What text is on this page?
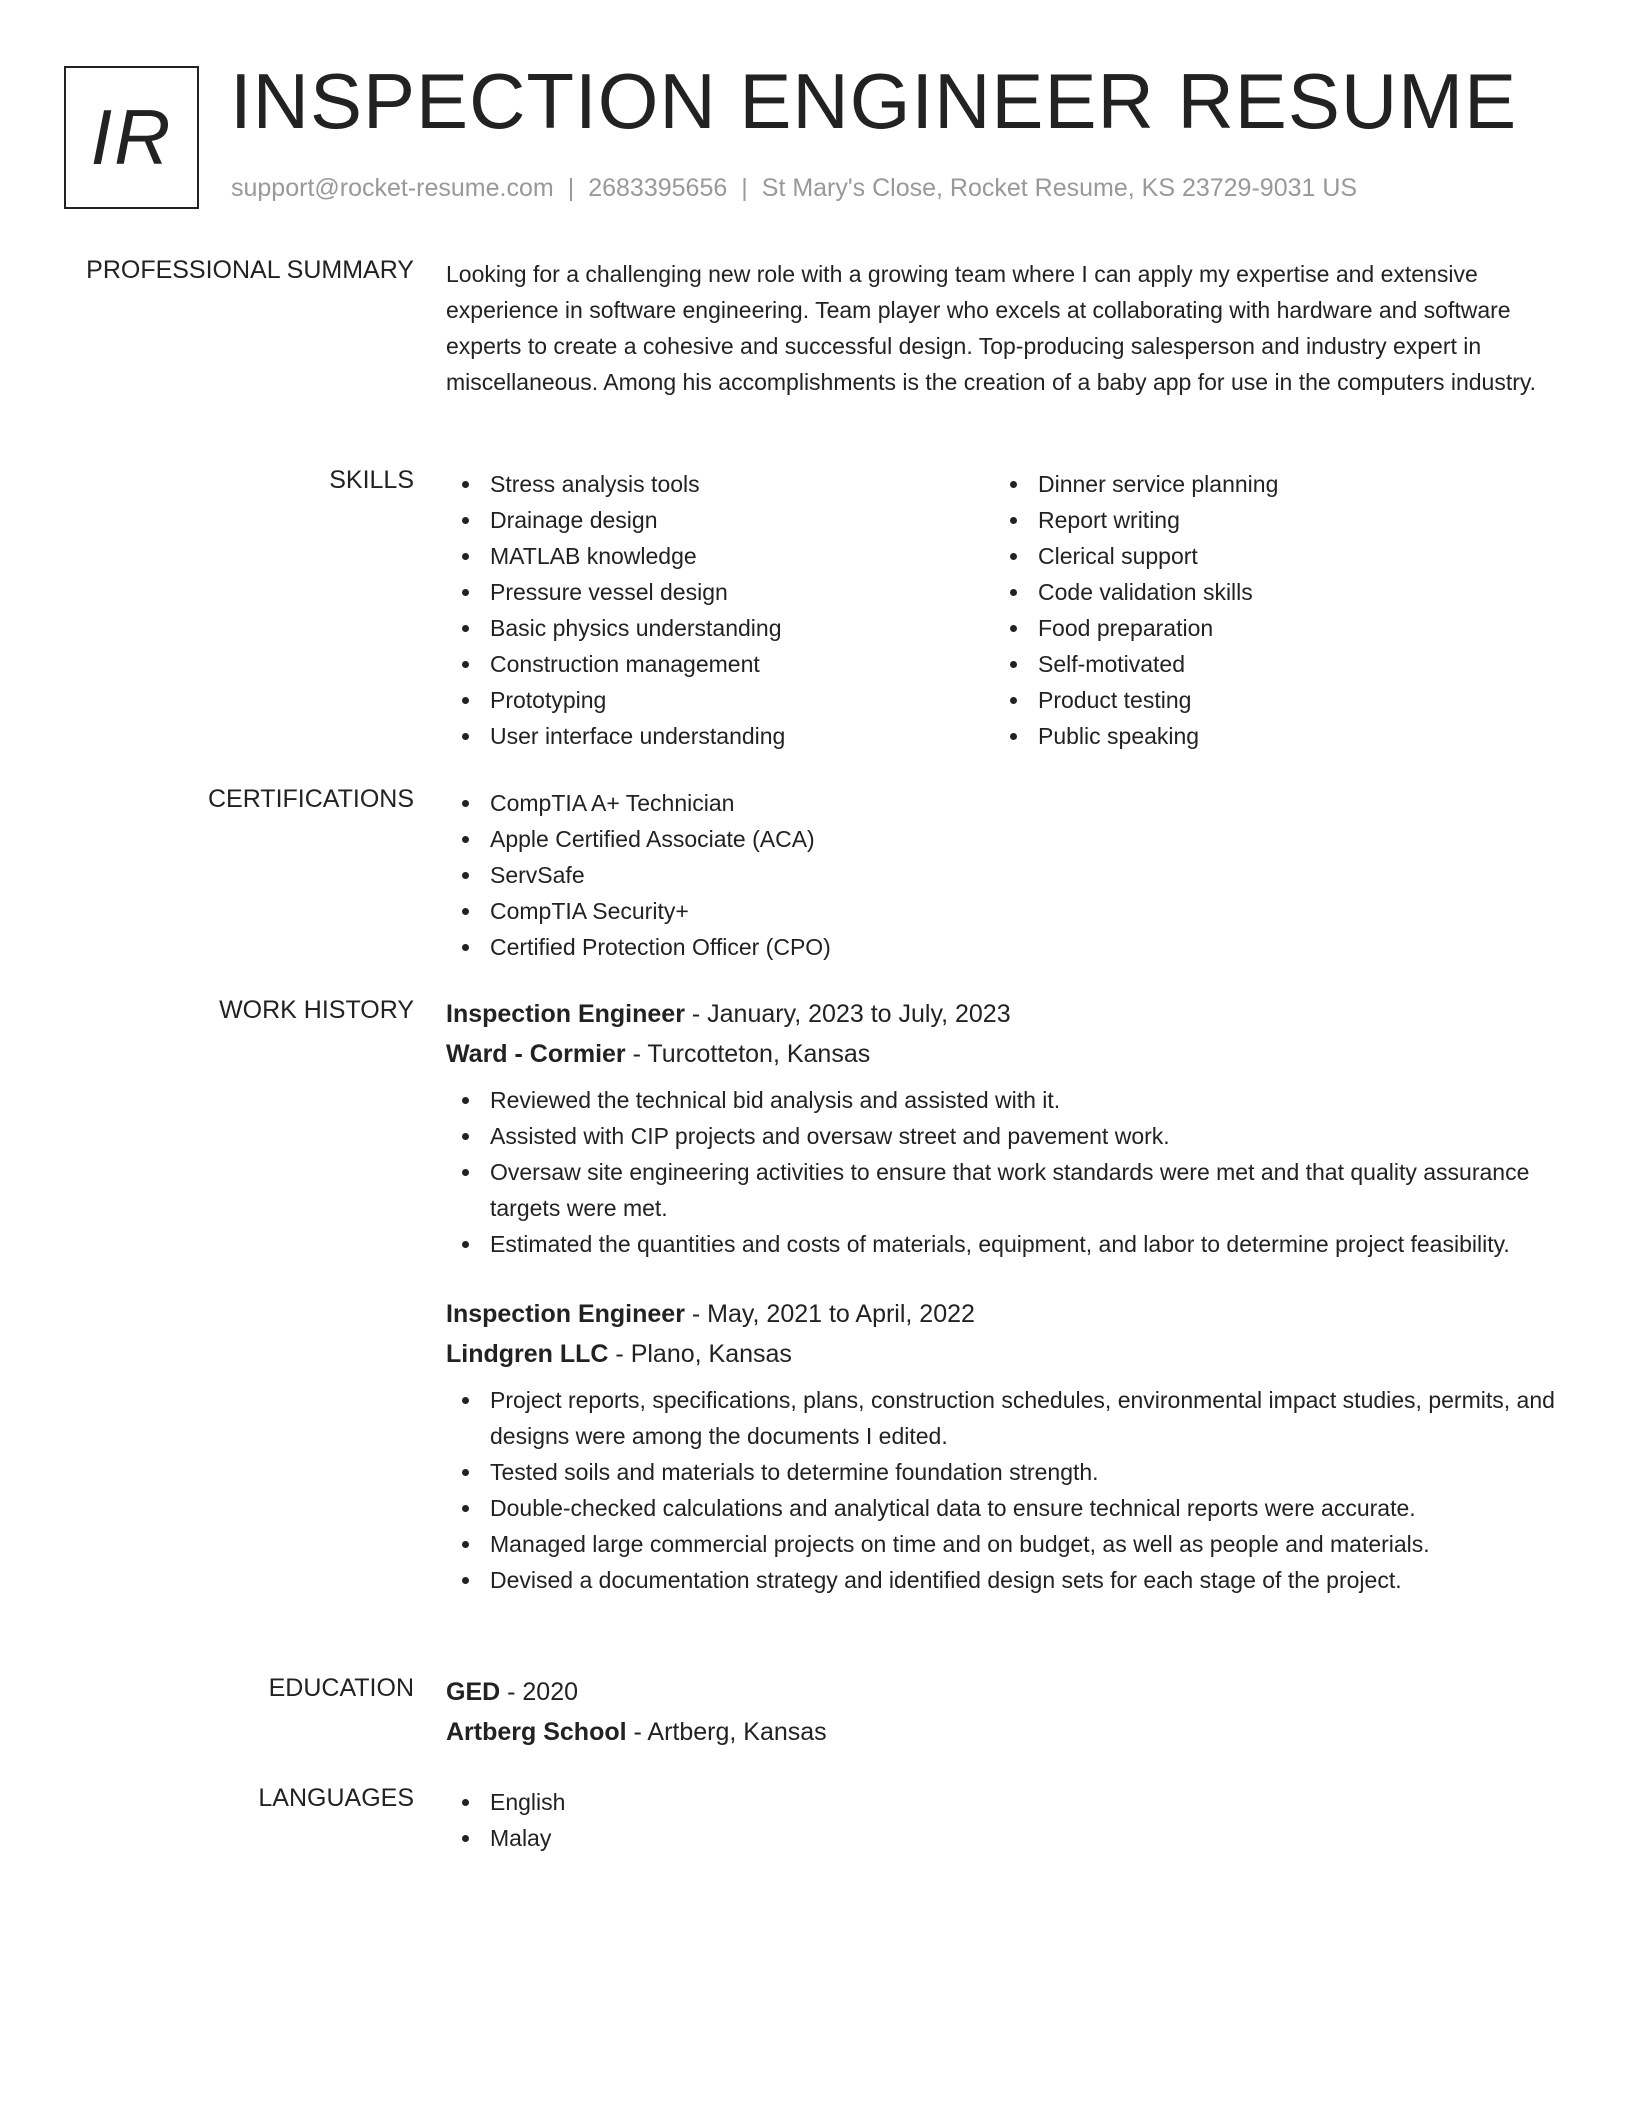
IR INSPECTION ENGINEER RESUME
support@rocket-resume.com | 2683395656 | St Mary's Close, Rocket Resume, KS 23729-9031 US
PROFESSIONAL SUMMARY Looking for a challenging new role with a growing team where I can apply my expertise and extensive experience in software engineering. Team player who excels at collaborating with hardware and software experts to create a cohesive and successful design. Top-producing salesperson and industry expert in miscellaneous. Among his accomplishments is the creation of a baby app for use in the computers industry.
SKILLS	Stress analysis tools
Drainage design
MATLAB knowledge
Pressure vessel design
Basic physics understanding
Construction management
Prototyping
User interface understanding
Dinner service planning
Report writing
Clerical support
Code validation skills
Food preparation
Self-motivated
Product testing
Public speaking
CERTIFICATIONS	CompTIA A+ Technician
Apple Certified Associate (ACA)
ServSafe
CompTIA Security+
Certified Protection Officer (CPO)
WORK HISTORY Inspection Engineer - January, 2023 to July, 2023
Ward - Cormier - Turcotteton, Kansas
Reviewed the technical bid analysis and assisted with it.
Assisted with CIP projects and oversaw street and pavement work.
Oversaw site engineering activities to ensure that work standards were met and that quality assurance targets were met.
Estimated the quantities and costs of materials, equipment, and labor to determine project feasibility.
Inspection Engineer - May, 2021 to April, 2022
Lindgren LLC - Plano, Kansas
Project reports, specifications, plans, construction schedules, environmental impact studies, permits, and designs were among the documents I edited.
Tested soils and materials to determine foundation strength.
Double-checked calculations and analytical data to ensure technical reports were accurate.
Managed large commercial projects on time and on budget, as well as people and materials.
Devised a documentation strategy and identified design sets for each stage of the project.
EDUCATION GED - 2020
Artberg School - Artberg, Kansas
LANGUAGES	English
Malay
